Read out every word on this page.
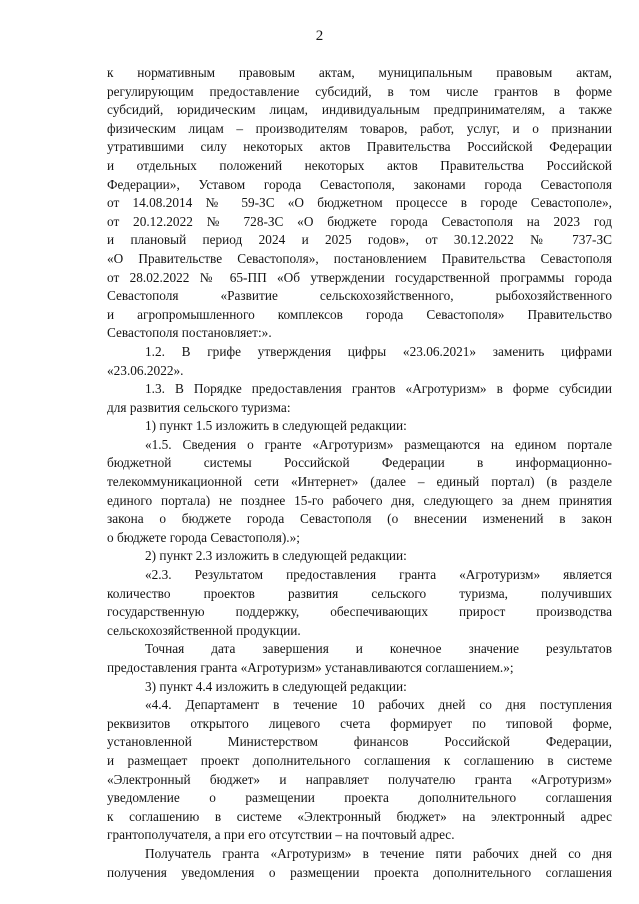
2
к нормативным правовым актам, муниципальным правовым актам,
регулирующим предоставление субсидий, в том числе грантов в форме
субсидий, юридическим лицам, индивидуальным предпринимателям, а также
физическим лицам – производителям товаров, работ, услуг, и о признании
утратившими силу некоторых актов Правительства Российской Федерации
и отдельных положений некоторых актов Правительства Российской
Федерации», Уставом города Севастополя, законами города Севастополя
от 14.08.2014 № 59-ЗС «О бюджетном процессе в городе Севастополе»,
от 20.12.2022 № 728-ЗС «О бюджете города Севастополя на 2023 год
и плановый период 2024 и 2025 годов», от 30.12.2022 № 737-ЗС
«О Правительстве Севастополя», постановлением Правительства Севастополя
от 28.02.2022 № 65-ПП «Об утверждении государственной программы города
Севастополя «Развитие сельскохозяйственного, рыбохозяйственного
и агропромышленного комплексов города Севастополя» Правительство
Севастополя постановляет:».
1.2. В грифе утверждения цифры «23.06.2021» заменить цифрами
«23.06.2022».
1.3. В Порядке предоставления грантов «Агротуризм» в форме субсидии
для развития сельского туризма:
1) пункт 1.5 изложить в следующей редакции:
«1.5. Сведения о гранте «Агротуризм» размещаются на едином портале
бюджетной системы Российской Федерации в информационно-
телекоммуникационной сети «Интернет» (далее – единый портал) (в разделе
единого портала) не позднее 15-го рабочего дня, следующего за днем принятия
закона о бюджете города Севастополя (о внесении изменений в закон
о бюджете города Севастополя).»;
2) пункт 2.3 изложить в следующей редакции:
«2.3. Результатом предоставления гранта «Агротуризм» является
количество проектов развития сельского туризма, получивших
государственную поддержку, обеспечивающих прирост производства
сельскохозяйственной продукции.
Точная дата завершения и конечное значение результатов
предоставления гранта «Агротуризм» устанавливаются соглашением.»;
3) пункт 4.4 изложить в следующей редакции:
«4.4. Департамент в течение 10 рабочих дней со дня поступления
реквизитов открытого лицевого счета формирует по типовой форме,
установленной Министерством финансов Российской Федерации,
и размещает проект дополнительного соглашения к соглашению в системе
«Электронный бюджет» и направляет получателю гранта «Агротуризм»
уведомление о размещении проекта дополнительного соглашения
к соглашению в системе «Электронный бюджет» на электронный адрес
грантополучателя, а при его отсутствии – на почтовый адрес.
Получатель гранта «Агротуризм» в течение пяти рабочих дней со дня
получения уведомления о размещении проекта дополнительного соглашения
